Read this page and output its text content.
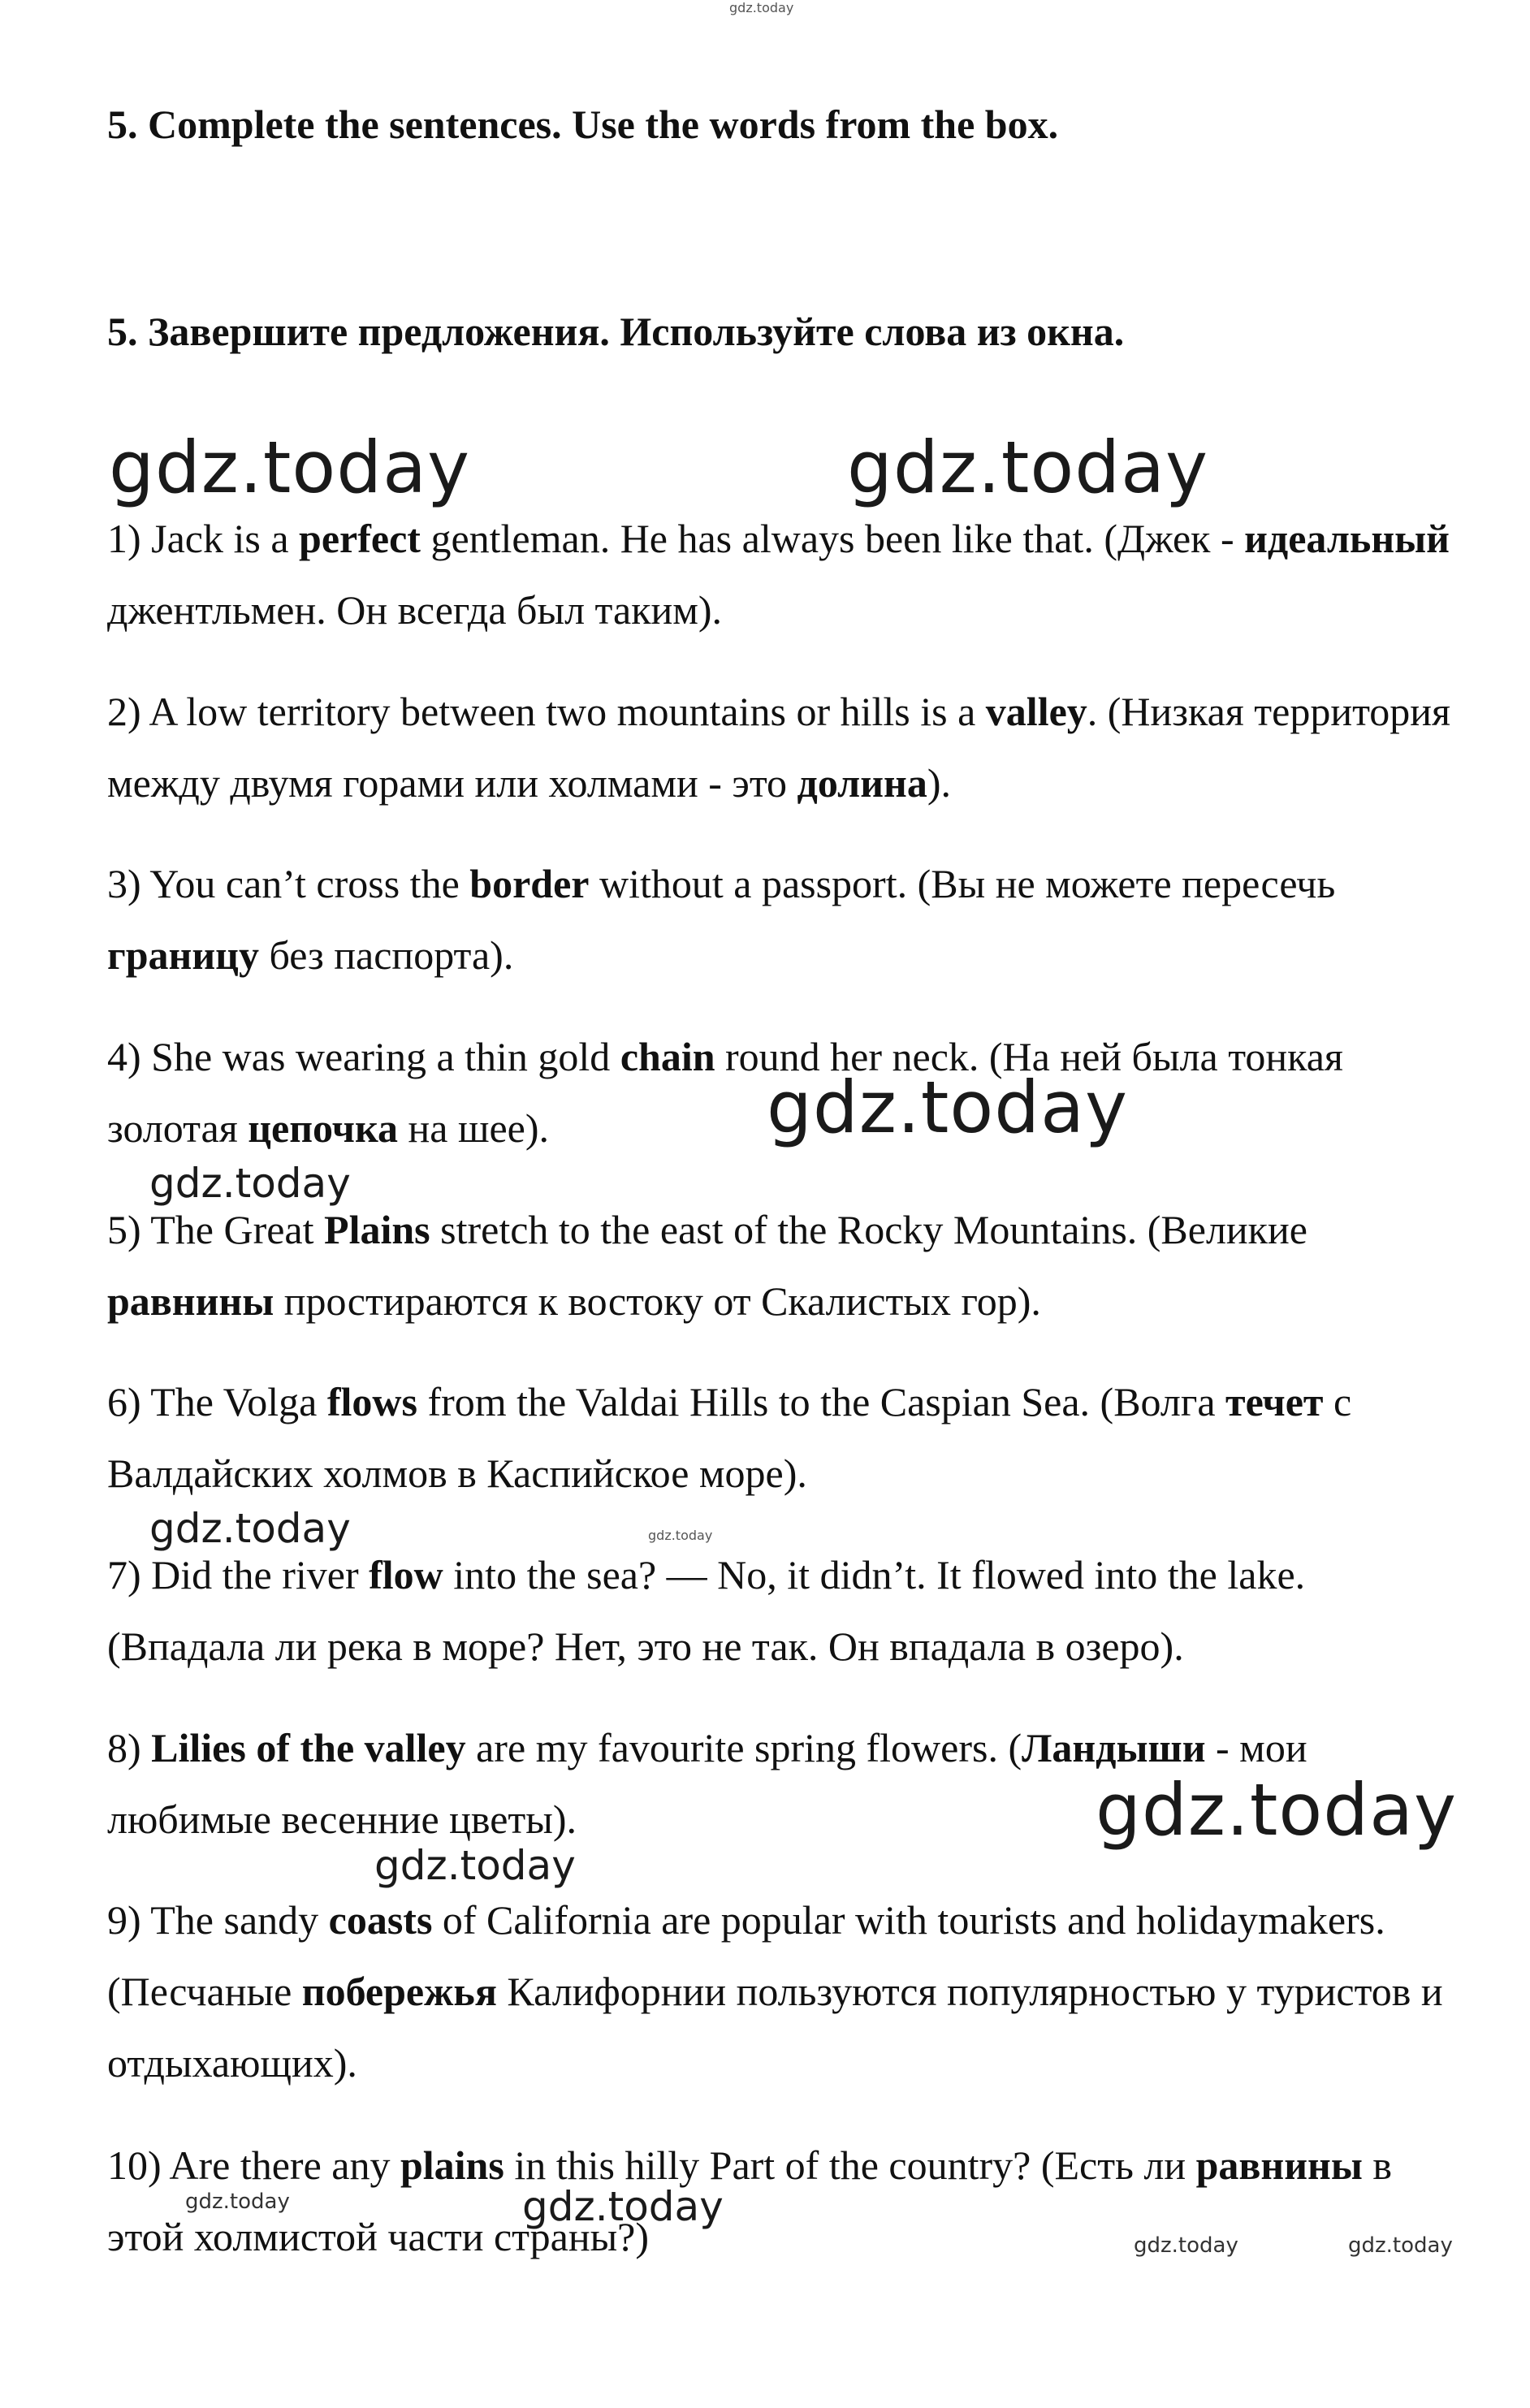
gdz.today
gdz.today	gdz.today
gdz.today
gdz.today
gdz.today	gdz.today
gdz.today
gdz.today
gdz.today	gdz.today
gdz.today	gdz.today
5. Complete the sentences. Use the words from the box.
5. Завершите предложения. Используйте слова из окна.

1) Jack is a perfect gentleman. He has always been like that. (Джек - идеальный джентльмен. Он всегда был таким).

2) A low territory between two mountains or hills is a valley. (Низкая территория между двумя горами или холмами - это долина).

3) You can’t cross the border without a passport. (Вы не можете пересечь границу без паспорта).

4) She was wearing a thin gold chain round her neck. (На ней была тонкая золотая цепочка на шее).

5) The Great Plains stretch to the east of the Rocky Mountains. (Великие равнины простираются к востоку от Скалистых гор).

6) The Volga flows from the Valdai Hills to the Caspian Sea. (Волга течет с Валдайских холмов в Каспийское море).

7) Did the river flow into the sea? — No, it didn’t. It flowed into the lake. (Впадала ли река в море? Нет, это не так. Он впадала в озеро).

8) Lilies of the valley are my favourite spring flowers. (Ландыши - мои любимые весенние цветы).

9) The sandy coasts of California are popular with tourists and holidaymakers. (Песчаные побережья Калифорнии пользуются популярностью у туристов и отдыхающих).

10) Are there any plains in this hilly Part of the country? (Есть ли равнины в этой холмистой части страны?)
